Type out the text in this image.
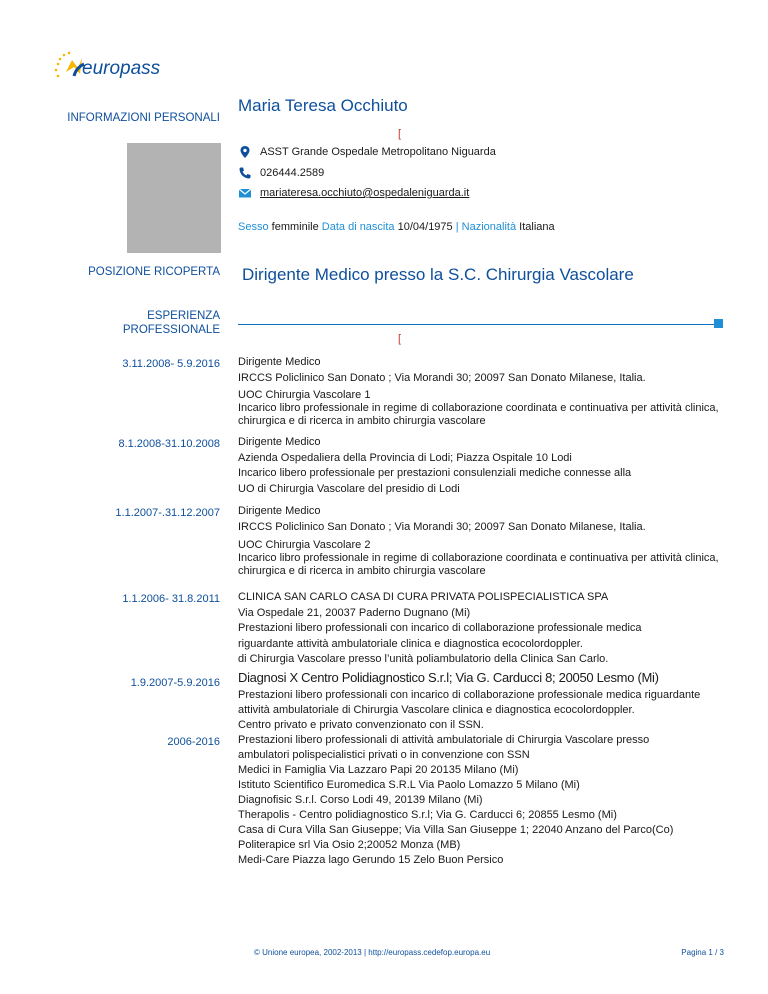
europass
INFORMAZIONI PERSONALI
Maria Teresa Occhiuto
[
ASST Grande Ospedale Metropolitano Niguarda
026444.2589
mariateresa.occhiuto@ospedaleniguarda.it
Sesso femminile Data di nascita 10/04/1975 | Nazionalità Italiana
POSIZIONE RICOPERTA Dirigente Medico presso la S.C. Chirurgia Vascolare
ESPERIENZA
PROFESSIONALE
[
3.11.2008- 5.9.2016 Dirigente Medico
IRCCS Policlinico San Donato ; Via Morandi 30; 20097 San Donato Milanese, Italia.
UOC Chirurgia Vascolare 1
Incarico libro professionale in regime di collaborazione coordinata e continuativa per attività clinica,
chirurgica e di ricerca in ambito chirurgia vascolare
8.1.2008-31.10.2008 Dirigente Medico
Azienda Ospedaliera della Provincia di Lodi; Piazza Ospitale 10 Lodi
Incarico libero professionale per prestazioni consulenziali mediche connesse alla
UO di Chirurgia Vascolare del presidio di Lodi
1.1.2007-.31.12.2007 Dirigente Medico
IRCCS Policlinico San Donato ; Via Morandi 30; 20097 San Donato Milanese, Italia.
UOC Chirurgia Vascolare 2
Incarico libro professionale in regime di collaborazione coordinata e continuativa per attività clinica,
chirurgica e di ricerca in ambito chirurgia vascolare
1.1.2006- 31.8.2011 CLINICA SAN CARLO CASA DI CURA PRIVATA POLISPECIALISTICA SPA
Via Ospedale 21, 20037 Paderno Dugnano (Mi)
Prestazioni libero professionali con incarico di collaborazione professionale medica
riguardante attività ambulatoriale clinica e diagnostica ecocolordoppler.
di Chirurgia Vascolare presso l’unità poliambulatorio della Clinica San Carlo.
1.9.2007-5.9.2016 Diagnosi X Centro Polidiagnostico S.r.l; Via G. Carducci 8; 20050 Lesmo (Mi)
Prestazioni libero professionali con incarico di collaborazione professionale medica riguardante
attività ambulatoriale di Chirurgia Vascolare clinica e diagnostica ecocolordoppler.
Centro privato e privato convenzionato con il SSN.
2006-2016 Prestazioni libero professionali di attività ambulatoriale di Chirurgia Vascolare presso
ambulatori polispecialistici privati o in convenzione con SSN
Medici in Famiglia Via Lazzaro Papi 20 20135 Milano (Mi)
Istituto Scientifico Euromedica S.R.L Via Paolo Lomazzo 5 Milano (Mi)
Diagnofisic S.r.l. Corso Lodi 49, 20139 Milano (Mi)
Therapolis - Centro polidiagnostico S.r.l; Via G. Carducci 6; 20855 Lesmo (Mi)
Casa di Cura Villa San Giuseppe; Via Villa San Giuseppe 1; 22040 Anzano del Parco(Co)
Politerapice srl Via Osio 2;20052 Monza (MB)
Medi-Care Piazza lago Gerundo 15 Zelo Buon Persico
© Unione europea, 2002-2013 | http://europass.cedefop.europa.eu	Pagina 1 / 3
